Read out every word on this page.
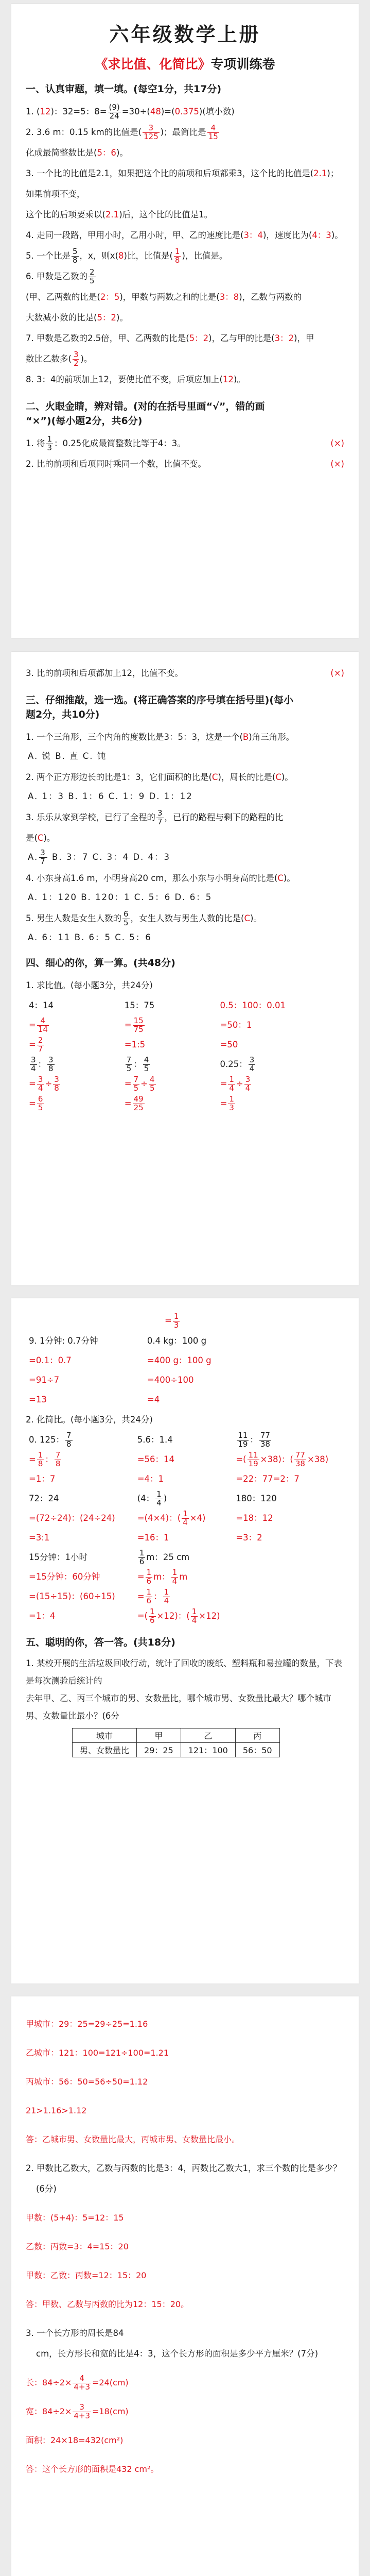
六年级数学上册
《求比值、化简比》专项训练卷
一、认真审题，填一填。(每空1分，共17分)

1. (12)：32=5：$8= \frac{(9)}{24} =30\div(48)=(0.375)$(填小数)

2. 3.6 m：0.15 km的比值是( $\frac{3}{125}$ )；最简比是 $\frac{4}{15}$

化成最简整数比是(5：6)。

3. 一个比的比值是2.1，如果把这个比的前项和后项都乘3，这个比的比值是(2.1)；如果前项不变，

这个比的后项要乘以(2.1)后，这个比的比值是1。

4. 走同一段路，甲用小时，乙用小时，甲、乙的速度比是(3：4)，速度比为(4：3)。

5. 一个比是 $\frac{5}{8}$ ，x，则x(8)比，比值是( $\frac{1}{8}$ )，比值是。

6. 甲数是乙数的 $\frac{2}{5}$

(甲、乙两数的比是(2：5)，甲数与两数之和的比是(3：8)，乙数与两数的

大数减小数的比是(5：2)。

7. 甲数是乙数的2.5倍，甲、乙两数的比是(5：2)，乙与甲的比是(3：2)，甲

数比乙数多( $\frac{3}{2}$ )。

8. 3：4的前项加上12，要使比值不变，后项应加上(12)。

二、火眼金睛，辨对错。(对的在括号里画“√”，错的画
“×”)(每小题2分，共6分)

1. 将 $\frac{1}{3}$ ：0.25化成最简整数比等于4：3。	(×)

2. 比的前项和后项同时乘同一个数，比值不变。	(×)

3. 比的前项和后项都加上12，比值不变。	(×)

三、仔细推敲，选一选。(将正确答案的序号填在括号里)(每小
题2分，共10分)

1. 一个三角形，三个内角的度数比是3：5：3，这是一个(B)角三角形。

A. 锐 B. 直 C. 钝

2. 两个正方形边长的比是1：3，它们面积的比是(C)，周长的比是(C)。

A. 1：3 B. 1：6 C. 1：9 D. 1：12

3. 乐乐从家到学校，已行了全程的 $\frac{3}{7}$ ，已行的路程与剩下的路程的比

是(C)。

A. $\frac{3}{7} B$. 3：7 C. 3：4 D. 4：3

4. 小东身高1.6 m，小明身高20 cm，那么小东与小明身高的比是(C)。

A. 1：120 B. 120：1 C. 5：6 D. 6：5

5. 男生人数是女生人数的 $\frac{6}{5}$ ，女生人数与男生人数的比是(C)。

A. 6：11 B. 6：5 C. 5：6

四、细心的你，算一算。(共48分)

1. 求比值。(每小题3分，共24分)

4：14	15：75	0.5：100：0.01
= $\frac{4}{14}$	= $\frac{15}{75}$	=50：1
= $\frac{2}{7}$	=1:5	=50
$\frac{3}{4}$ ： $\frac{3}{8}$	$\frac{7}{5}$ ： $\frac{4}{5}$	0.25： $\frac{3}{4}$
= $\frac{3}{4} \div \frac{3}{8}$	= $\frac{7}{5} \div \frac{4}{5}$	= $\frac{1}{4} \div \frac{3}{4}$
= $\frac{6}{5}$	= $\frac{49}{25}$	= $\frac{1}{3}$

= $\frac{1}{3}$

9. 1分钟: 0.7分钟	0.4 kg：100 g
=0.1：0.7	=400 g：100 g
=91÷7	=400÷100
=13	=4

2. 化简比。(每小题3分，共24分)

0. 125： $\frac{7}{8}$	5.6：1.4	$\frac{11}{19}$ ： $\frac{77}{38}$
= $\frac{1}{8}$ ： $\frac{7}{8}$	=56：14	=( $\frac{11}{19} \times 38$)：( $\frac{77}{38} \times 38$)
=1：7	=4：1	=22：77=2：7
72：24	(4： $\frac{1}{4}$ )	180：120
=(72÷24)：(24÷24)	=(4×4)：( $\frac{1}{4} \times 4$)	=18：12
=3:1	=16：1	=3：2
15分钟：1小时	$\frac{1}{6}$ m：25 cm
=15分钟：60分钟	= $\frac{1}{6}$ m： $\frac{1}{4}$ m
=(15÷15)：(60÷15)	= $\frac{1}{6}$ ： $\frac{1}{4}$
=1：4	=( $\frac{1}{6} \times 12$)：( $\frac{1}{4} \times 12$)
五、聪明的你，答一答。(共18分)

1. 某校开展的生活垃圾回收行动，统计了回收的废纸、塑料瓶和易拉罐的数量，下表是每次测验后统计的

去年甲、乙、丙三个城市的男、女数量比，哪个城市男、女数量比最大？哪个城市男、女数量比最小？(6分

城市	甲	乙	丙
男、女数量比	29：25	121：100	56：50

甲城市：29：25=29÷25=1.16

乙城市：121：100=121÷100=1.21

丙城市：56：50=56÷50=1.12

21>1.16>1.12

答：乙城市男、女数量比最大，丙城市男、女数量比最小。

2. 甲数比乙数大，乙数与丙数的比是3：4，丙数比乙数大1，求三个数的比是多少？

(6分)

甲数：(5+4)：5=12：15

乙数：丙数=3：4=15：20

甲数：乙数：丙数=12：15：20

答：甲数、乙数与丙数的比为12：15：20。

3. 一个长方形的周长是84

cm，长方形长和宽的比是4：3，这个长方形的面积是多少平方厘米？(7分)

长：$84\div 2\times \frac{4}{4+3} =24(cm)$

宽：$84\div 2\times \frac{3}{4+3} =18(cm)$

面积：24×18=432(cm²)

答：这个长方形的面积是432 cm²。
